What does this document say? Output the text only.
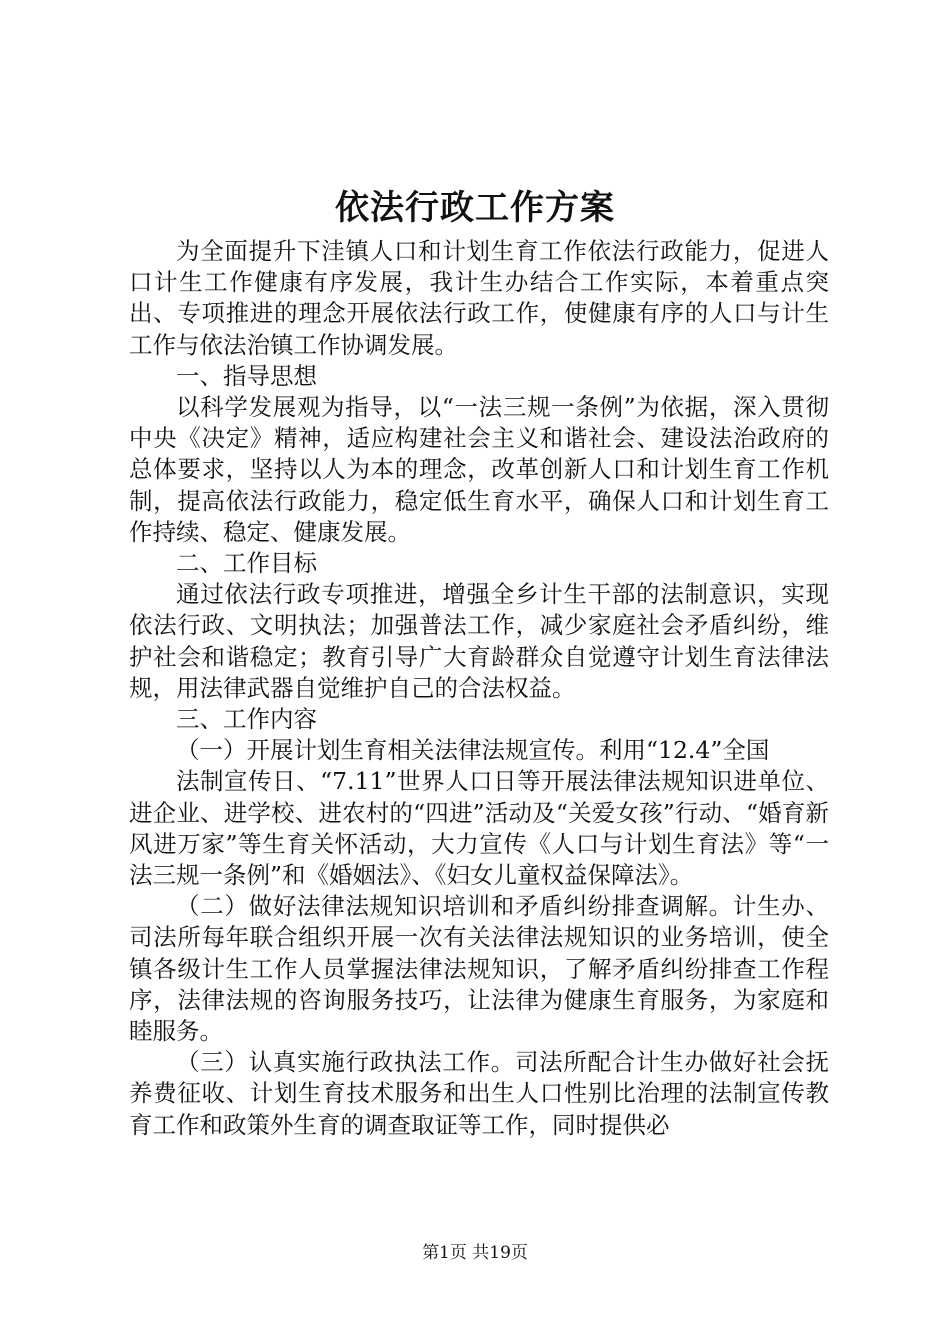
依法行政工作方案

为全面提升下洼镇人口和计划生育工作依法行政能力，促进人口计生工作健康有序发展，我计生办结合工作实际，本着重点突出、专项推进的理念开展依法行政工作，使健康有序的人口与计生工作与依法治镇工作协调发展。

一、指导思想

以科学发展观为指导，以“一法三规一条例”为依据，深入贯彻中央《决定》精神，适应构建社会主义和谐社会、建设法治政府的总体要求，坚持以人为本的理念，改革创新人口和计划生育工作机制，提高依法行政能力，稳定低生育水平，确保人口和计划生育工作持续、稳定、健康发展。

二、工作目标

通过依法行政专项推进，增强全乡计生干部的法制意识，实现依法行政、文明执法；加强普法工作，减少家庭社会矛盾纠纷，维护社会和谐稳定；教育引导广大育龄群众自觉遵守计划生育法律法规，用法律武器自觉维护自己的合法权益。

三、工作内容

（一）开展计划生育相关法律法规宣传。利用“12.4”全国

法制宣传日、“7.11”世界人口日等开展法律法规知识进单位、进企业、进学校、进农村的“四进”活动及“关爱女孩”行动、“婚育新风进万家”等生育关怀活动，大力宣传《人口与计划生育法》等“一法三规一条例”和《婚姻法》、《妇女儿童权益保障法》。

（二）做好法律法规知识培训和矛盾纠纷排查调解。计生办、司法所每年联合组织开展一次有关法律法规知识的业务培训，使全镇各级计生工作人员掌握法律法规知识，了解矛盾纠纷排查工作程序，法律法规的咨询服务技巧，让法律为健康生育服务，为家庭和睦服务。

（三）认真实施行政执法工作。司法所配合计生办做好社会抚养费征收、计划生育技术服务和出生人口性别比治理的法制宣传教育工作和政策外生育的调查取证等工作，同时提供必

第1页 共19页
